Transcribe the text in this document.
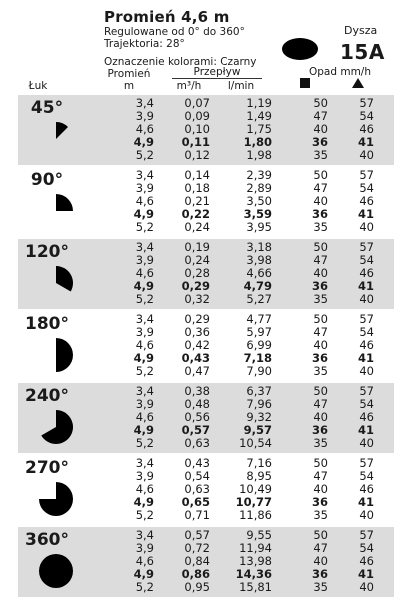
Promień 4,6 m
Regulowane od 0° do 360°
Trajektoria: 28°
Oznaczenie kolorami: Czarny
Dysza
15A
Łuk
Promień
m
Przepływ
m³/h	l/min
Opad mm/h
45°	3,4	0,07	1,19	50	57
3,9	0,09	1,49	47	54
4,6	0,10	1,75	40	46
4,9	0,11	1,80	36	41
5,2	0,12	1,98	35	40
90°	3,4	0,14	2,39	50	57
3,9	0,18	2,89	47	54
4,6	0,21	3,50	40	46
4,9	0,22	3,59	36	41
5,2	0,24	3,95	35	40
120°	3,4	0,19	3,18	50	57
3,9	0,24	3,98	47	54
4,6	0,28	4,66	40	46
4,9	0,29	4,79	36	41
5,2	0,32	5,27	35	40
180°	3,4	0,29	4,77	50	57
3,9	0,36	5,97	47	54
4,6	0,42	6,99	40	46
4,9	0,43	7,18	36	41
5,2	0,47	7,90	35	40
240°	3,4	0,38	6,37	50	57
3,9	0,48	7,96	47	54
4,6	0,56	9,32	40	46
4,9	0,57	9,57	36	41
5,2	0,63	10,54	35	40
270°	3,4	0,43	7,16	50	57
3,9	0,54	8,95	47	54
4,6	0,63	10,49	40	46
4,9	0,65	10,77	36	41
5,2	0,71	11,86	35	40
360°	3,4	0,57	9,55	50	57
3,9	0,72	11,94	47	54
4,6	0,84	13,98	40	46
4,9	0,86	14,36	36	41
5,2	0,95	15,81	35	40
